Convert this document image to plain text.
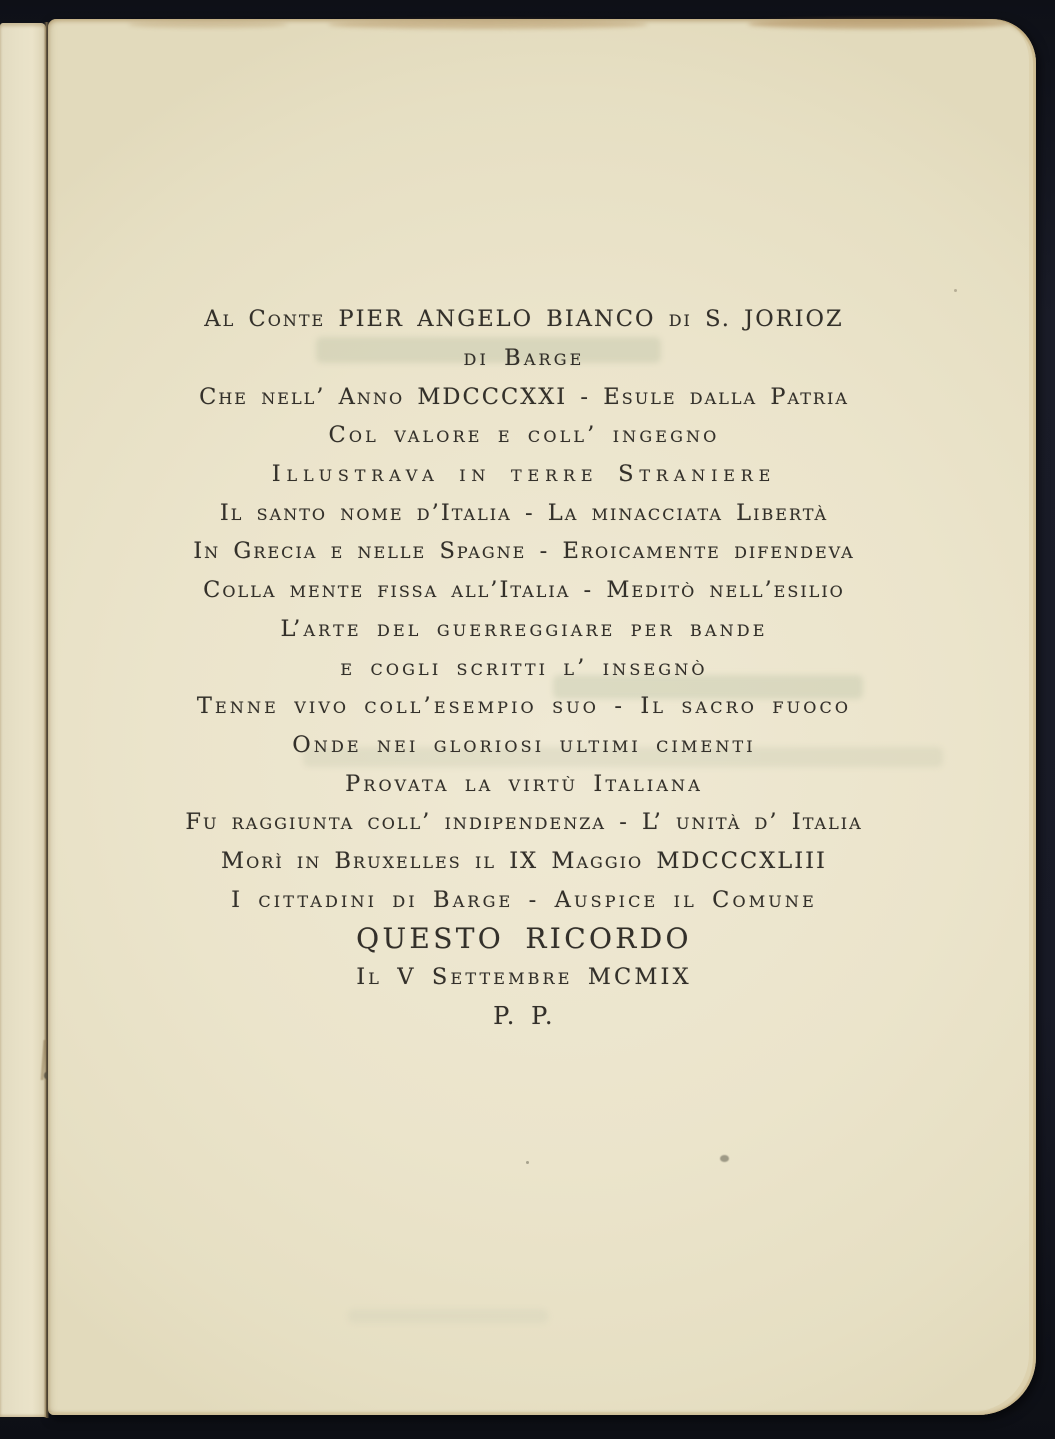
Al Conte PIER ANGELO BIANCO di S. JORIOZ
di Barge
Che nell’ Anno MDCCCXXI - Esule dalla Patria
Col valore e coll’ ingegno
Illustrava in terre Straniere
Il santo nome d’Italia - La minacciata Libertà
In Grecia e nelle Spagne - Eroicamente difendeva
Colla mente fissa all’Italia - Meditò nell’esilio
L’arte del guerreggiare per bande
e cogli scritti l’ insegnò
Tenne vivo coll’esempio suo - Il sacro fuoco
Onde nei gloriosi ultimi cimenti
Provata la virtù Italiana
Fu raggiunta coll’ indipendenza - L’ unità d’ Italia
Morì in Bruxelles il IX Maggio MDCCCXLIII
I cittadini di Barge - Auspice il Comune
QUESTO RICORDO
Il V Settembre MCMIX
P. P.
